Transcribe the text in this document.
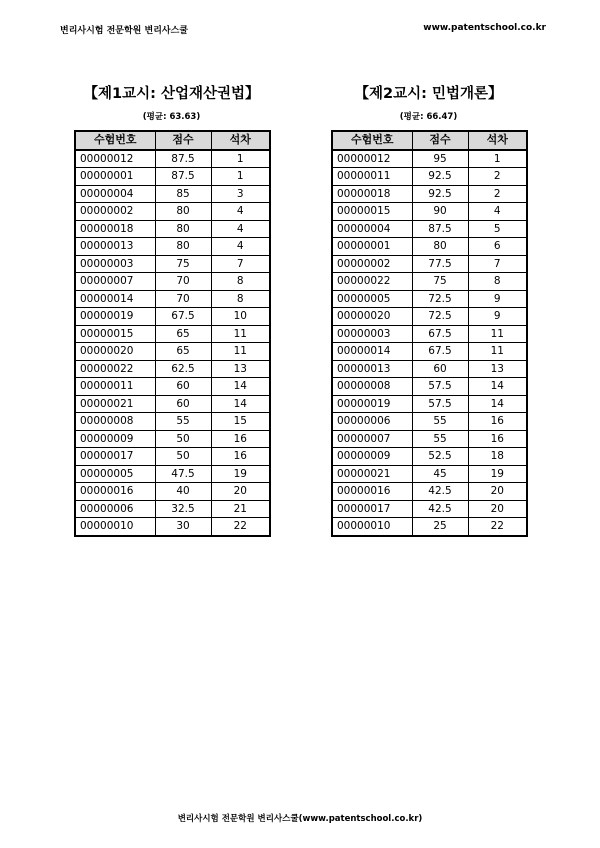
변리사시험 전문학원 변리사스쿨	www.patentschool.co.kr
【제1교시: 산업재산권법】
(평균: 63.63)
수험번호	점수	석차
00000012	87.5	1
00000001	87.5	1
00000004	85	3
00000002	80	4
00000018	80	4
00000013	80	4
00000003	75	7
00000007	70	8
00000014	70	8
00000019	67.5	10
00000015	65	11
00000020	65	11
00000022	62.5	13
00000011	60	14
00000021	60	14
00000008	55	15
00000009	50	16
00000017	50	16
00000005	47.5	19
00000016	40	20
00000006	32.5	21
00000010	30	22
【제2교시: 민법개론】
(평균: 66.47)
수험번호	점수	석차
00000012	95	1
00000011	92.5	2
00000018	92.5	2
00000015	90	4
00000004	87.5	5
00000001	80	6
00000002	77.5	7
00000022	75	8
00000005	72.5	9
00000020	72.5	9
00000003	67.5	11
00000014	67.5	11
00000013	60	13
00000008	57.5	14
00000019	57.5	14
00000006	55	16
00000007	55	16
00000009	52.5	18
00000021	45	19
00000016	42.5	20
00000017	42.5	20
00000010	25	22
변리사시험 전문학원 변리사스쿨(www.patentschool.co.kr)
